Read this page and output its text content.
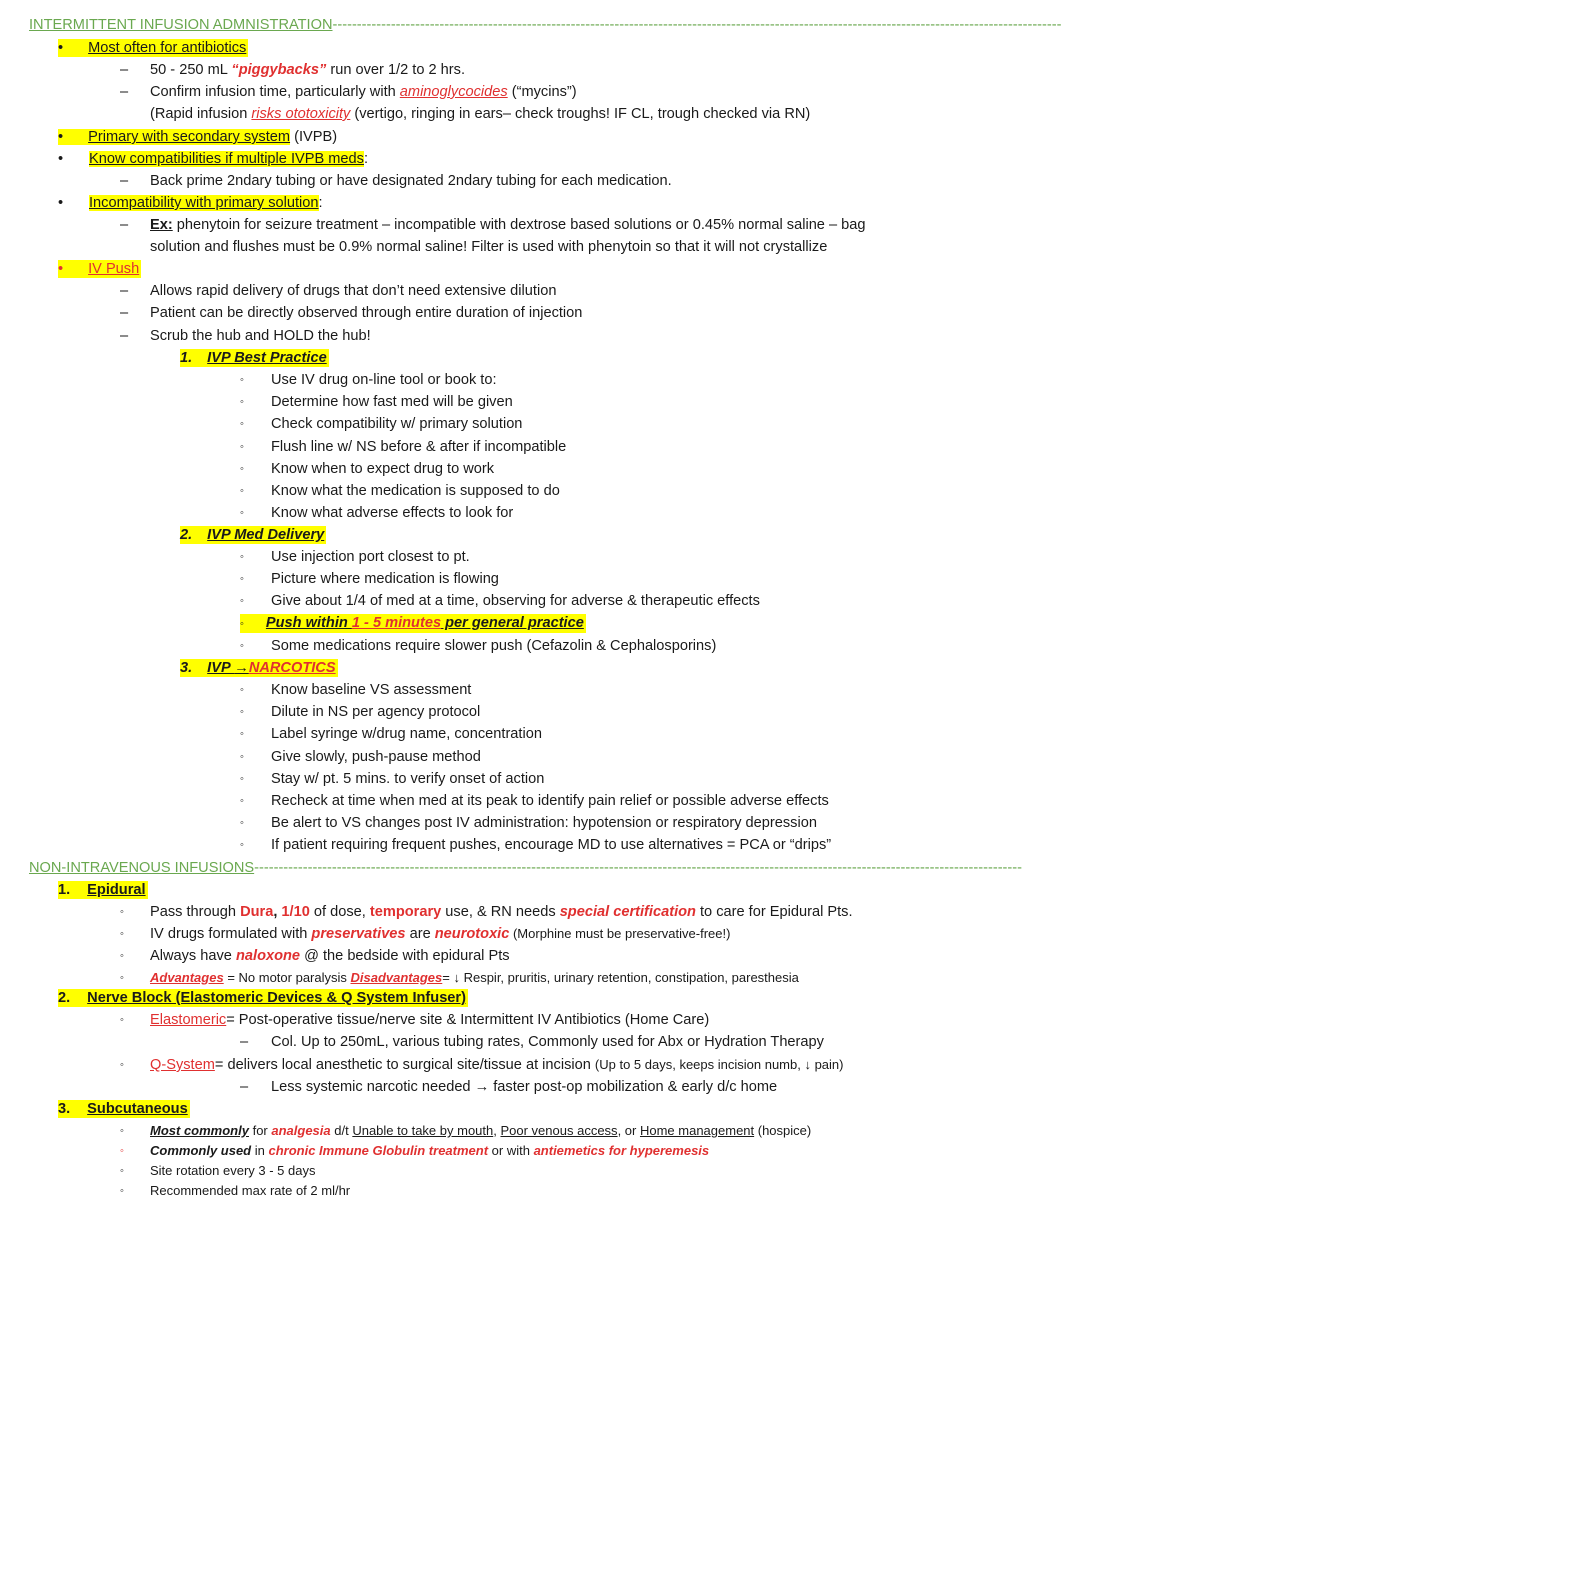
INTERMITTENT INFUSION ADMNISTRATION------------------------------------------------------------------------------------------------------------------------------------------------------
• Most often for antibiotics
– 50 - 250 mL “piggybacks” run over 1/2 to 2 hrs.
– Confirm infusion time, particularly with aminoglycocides (“mycins”)
(Rapid infusion risks ototoxicity (vertigo, ringing in ears– check troughs! IF CL, trough checked via RN)
• Primary with secondary system (IVPB)
• Know compatibilities if multiple IVPB meds:
– Back prime 2ndary tubing or have designated 2ndary tubing for each medication.
• Incompatibility with primary solution:
– Ex: phenytoin for seizure treatment – incompatible with dextrose based solutions or 0.45% normal saline – bag
solution and flushes must be 0.9% normal saline! Filter is used with phenytoin so that it will not crystallize
• IV Push
– Allows rapid delivery of drugs that don’t need extensive dilution
– Patient can be directly observed through entire duration of injection
– Scrub the hub and HOLD the hub!
1. IVP Best Practice
◦ Use IV drug on-line tool or book to:
◦ Determine how fast med will be given
◦ Check compatibility w/ primary solution
◦ Flush line w/ NS before & after if incompatible
◦ Know when to expect drug to work
◦ Know what the medication is supposed to do
◦ Know what adverse effects to look for
2. IVP Med Delivery
◦ Use injection port closest to pt.
◦ Picture where medication is flowing
◦ Give about 1/4 of med at a time, observing for adverse & therapeutic effects
◦ Push within 1 - 5 minutes per general practice
◦ Some medications require slower push (Cefazolin & Cephalosporins)
3. IVP →NARCOTICS
◦ Know baseline VS assessment
◦ Dilute in NS per agency protocol
◦ Label syringe w/drug name, concentration
◦ Give slowly, push-pause method
◦ Stay w/ pt. 5 mins. to verify onset of action
◦ Recheck at time when med at its peak to identify pain relief or possible adverse effects
◦ Be alert to VS changes post IV administration: hypotension or respiratory depression
◦ If patient requiring frequent pushes, encourage MD to use alternatives = PCA or “drips”
NON-INTRAVENOUS INFUSIONS--------------------------------------------------------------------------------------------------------------------------------------------------------------
1. Epidural
◦ Pass through Dura, 1/10 of dose, temporary use, & RN needs special certification to care for Epidural Pts.
◦ IV drugs formulated with preservatives are neurotoxic (Morphine must be preservative-free!)
◦ Always have naloxone @ the bedside with epidural Pts
◦ Advantages = No motor paralysis Disadvantages= ↓ Respir, pruritis, urinary retention, constipation, paresthesia
2. Nerve Block (Elastomeric Devices & Q System Infuser)
◦ Elastomeric= Post-operative tissue/nerve site & Intermittent IV Antibiotics (Home Care)
– Col. Up to 250mL, various tubing rates, Commonly used for Abx or Hydration Therapy
◦ Q-System= delivers local anesthetic to surgical site/tissue at incision (Up to 5 days, keeps incision numb, ↓ pain)
– Less systemic narcotic needed → faster post-op mobilization & early d/c home
3. Subcutaneous
◦ Most commonly for analgesia d/t Unable to take by mouth, Poor venous access, or Home management (hospice)
◦ Commonly used in chronic Immune Globulin treatment or with antiemetics for hyperemesis
◦ Site rotation every 3 - 5 days
◦ Recommended max rate of 2 ml/hr
